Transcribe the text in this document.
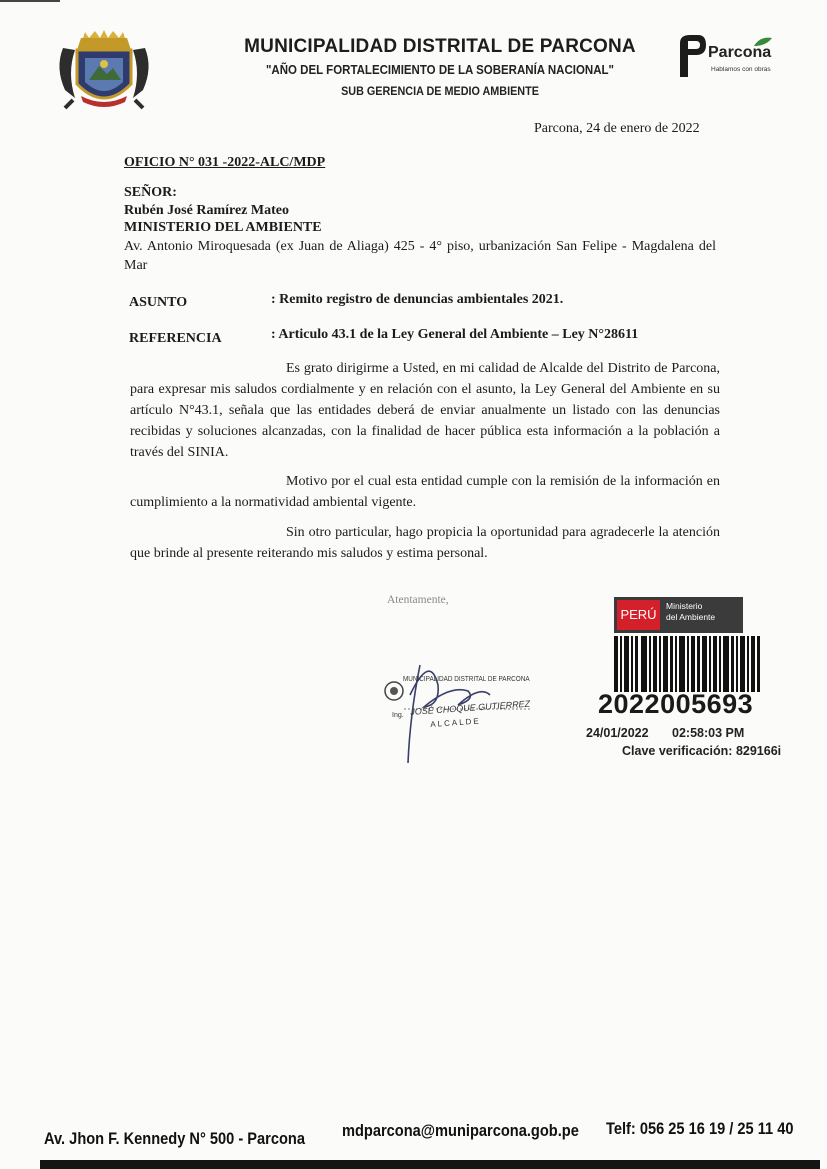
MUNICIPALIDAD DISTRITAL DE PARCONA
"AÑO DEL FORTALECIMIENTO DE LA SOBERANÍA NACIONAL"
SUB GERENCIA DE MEDIO AMBIENTE
Parcona
Hablamos con obras
Parcona, 24 de enero de 2022
OFICIO N° 031 -2022-ALC/MDP
SEÑOR:
Rubén José Ramírez Mateo
MINISTERIO DEL AMBIENTE
Av. Antonio Miroquesada (ex Juan de Aliaga) 425 - 4° piso, urbanización San Felipe - Magdalena del Mar
ASUNTO	: Remito registro de denuncias ambientales 2021.
REFERENCIA	: Articulo 43.1 de la Ley General del Ambiente – Ley N°28611
Es grato dirigirme a Usted, en mi calidad de Alcalde del Distrito de Parcona, para expresar mis saludos cordialmente y en relación con el asunto, la Ley General del Ambiente en su artículo N°43.1, señala que las entidades deberá de enviar anualmente un listado con las denuncias recibidas y soluciones alcanzadas, con la finalidad de hacer pública esta información a la población a través del SINIA.
Motivo por el cual esta entidad cumple con la remisión de la información en cumplimiento a la normatividad ambiental vigente.
Sin otro particular, hago propicia la oportunidad para agradecerle la atención que brinde al presente reiterando mis saludos y estima personal.
Atentamente,
MUNICIPALIDAD DISTRITAL DE PARCONA
Ing. JOSÉ CHOQUE GUTIERREZ
ALCALDE
PERÚ
Ministerio
del Ambiente
2022005693
24/01/2022 02:58:03 PM
Clave verificación: 829166i
Av. Jhon F. Kennedy N° 500 - Parcona mdparcona@muniparcona.gob.pe Telf: 056 25 16 19 / 25 11 40
